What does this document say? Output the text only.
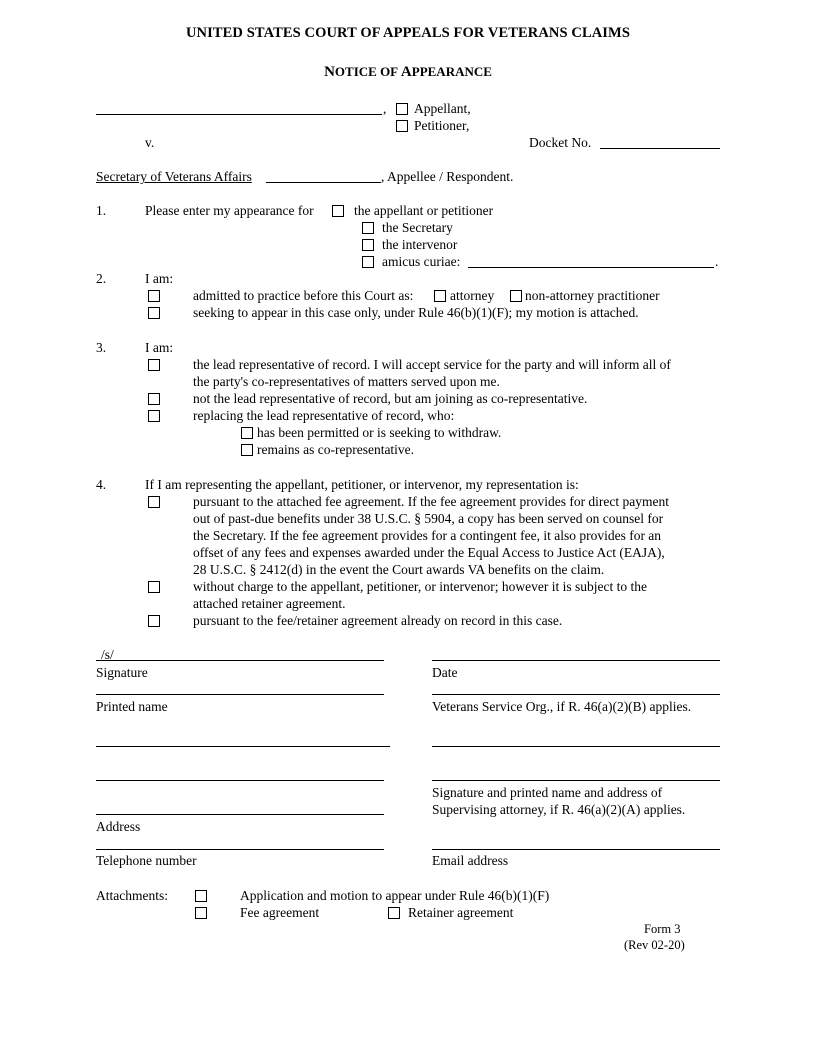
UNITED STATES COURT OF APPEALS FOR VETERANS CLAIMS
NOTICE OF APPEARANCE
, Appellant,
Petitioner,
v.	Docket No.
Secretary of Veterans Affairs	, Appellee / Respondent.
1.	Please enter my appearance for	the appellant or petitioner
the Secretary
the intervenor
amicus curiae:	.
2.	I am:
admitted to practice before this Court as:	attorney non-attorney practitioner
seeking to appear in this case only, under Rule 46(b)(1)(F); my motion is attached.
3.	I am:
the lead representative of record. I will accept service for the party and will inform all of
the party's co-representatives of matters served upon me.
not the lead representative of record, but am joining as co-representative.
replacing the lead representative of record, who:
has been permitted or is seeking to withdraw.
remains as co-representative.
4.	If I am representing the appellant, petitioner, or intervenor, my representation is:
pursuant to the attached fee agreement. If the fee agreement provides for direct payment
out of past-due benefits under 38 U.S.C. § 5904, a copy has been served on counsel for
the Secretary. If the fee agreement provides for a contingent fee, it also provides for an
offset of any fees and expenses awarded under the Equal Access to Justice Act (EAJA),
28 U.S.C. § 2412(d) in the event the Court awards VA benefits on the claim.
without charge to the appellant, petitioner, or intervenor; however it is subject to the
attached retainer agreement.
pursuant to the fee/retainer agreement already on record in this case.
/s/
Signature	Date
Printed name	Veterans Service Org., if R. 46(a)(2)(B) applies.
Signature and printed name and address of
Supervising attorney, if R. 46(a)(2)(A) applies.
Address
Telephone number	Email address
Attachments:	Application and motion to appear under Rule 46(b)(1)(F)
Fee agreement	Retainer agreement
Form 3
(Rev 02-20)
